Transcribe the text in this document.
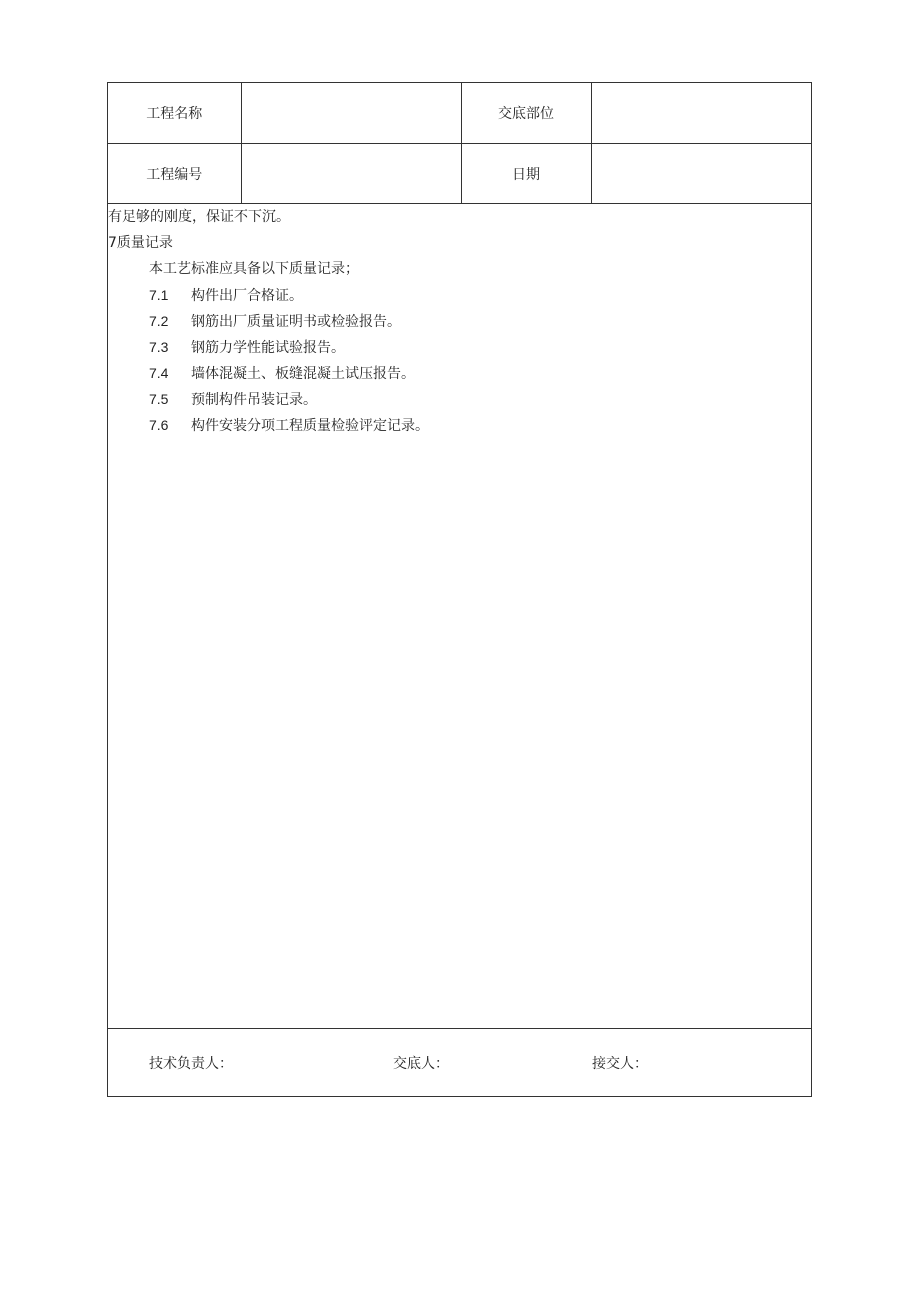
工程名称		交底部位	
工程编号		日期	
有足够的刚度，保证不下沉。
7质量记录
本工艺标准应具备以下质量记录；
7.1 构件出厂合格证。
7.2 钢筋出厂质量证明书或检验报告。
7.3 钢筋力学性能试验报告。
7.4 墙体混凝土、板缝混凝土试压报告。
7.5 预制构件吊装记录。
7.6 构件安装分项工程质量检验评定记录。
技术负责人：	交底人：	接交人：
